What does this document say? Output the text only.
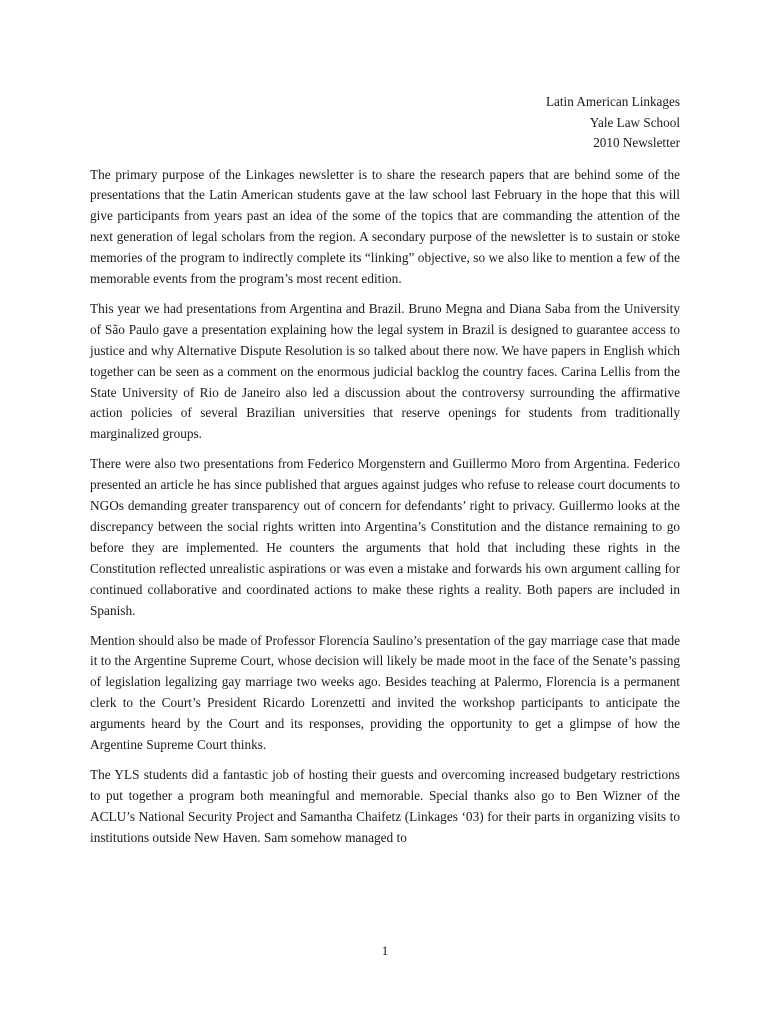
Latin American Linkages
Yale Law School
2010 Newsletter

The primary purpose of the Linkages newsletter is to share the research papers that are behind some of the presentations that the Latin American students gave at the law school last February in the hope that this will give participants from years past an idea of the some of the topics that are commanding the attention of the next generation of legal scholars from the region. A secondary purpose of the newsletter is to sustain or stoke memories of the program to indirectly complete its “linking” objective, so we also like to mention a few of the memorable events from the program’s most recent edition.

This year we had presentations from Argentina and Brazil. Bruno Megna and Diana Saba from the University of São Paulo gave a presentation explaining how the legal system in Brazil is designed to guarantee access to justice and why Alternative Dispute Resolution is so talked about there now. We have papers in English which together can be seen as a comment on the enormous judicial backlog the country faces. Carina Lellis from the State University of Rio de Janeiro also led a discussion about the controversy surrounding the affirmative action policies of several Brazilian universities that reserve openings for students from traditionally marginalized groups.

There were also two presentations from Federico Morgenstern and Guillermo Moro from Argentina. Federico presented an article he has since published that argues against judges who refuse to release court documents to NGOs demanding greater transparency out of concern for defendants’ right to privacy. Guillermo looks at the discrepancy between the social rights written into Argentina’s Constitution and the distance remaining to go before they are implemented. He counters the arguments that hold that including these rights in the Constitution reflected unrealistic aspirations or was even a mistake and forwards his own argument calling for continued collaborative and coordinated actions to make these rights a reality. Both papers are included in Spanish.

Mention should also be made of Professor Florencia Saulino’s presentation of the gay marriage case that made it to the Argentine Supreme Court, whose decision will likely be made moot in the face of the Senate’s passing of legislation legalizing gay marriage two weeks ago. Besides teaching at Palermo, Florencia is a permanent clerk to the Court’s President Ricardo Lorenzetti and invited the workshop participants to anticipate the arguments heard by the Court and its responses, providing the opportunity to get a glimpse of how the Argentine Supreme Court thinks.

The YLS students did a fantastic job of hosting their guests and overcoming increased budgetary restrictions to put together a program both meaningful and memorable. Special thanks also go to Ben Wizner of the ACLU’s National Security Project and Samantha Chaifetz (Linkages ‘03) for their parts in organizing visits to institutions outside New Haven. Sam somehow managed to

1
